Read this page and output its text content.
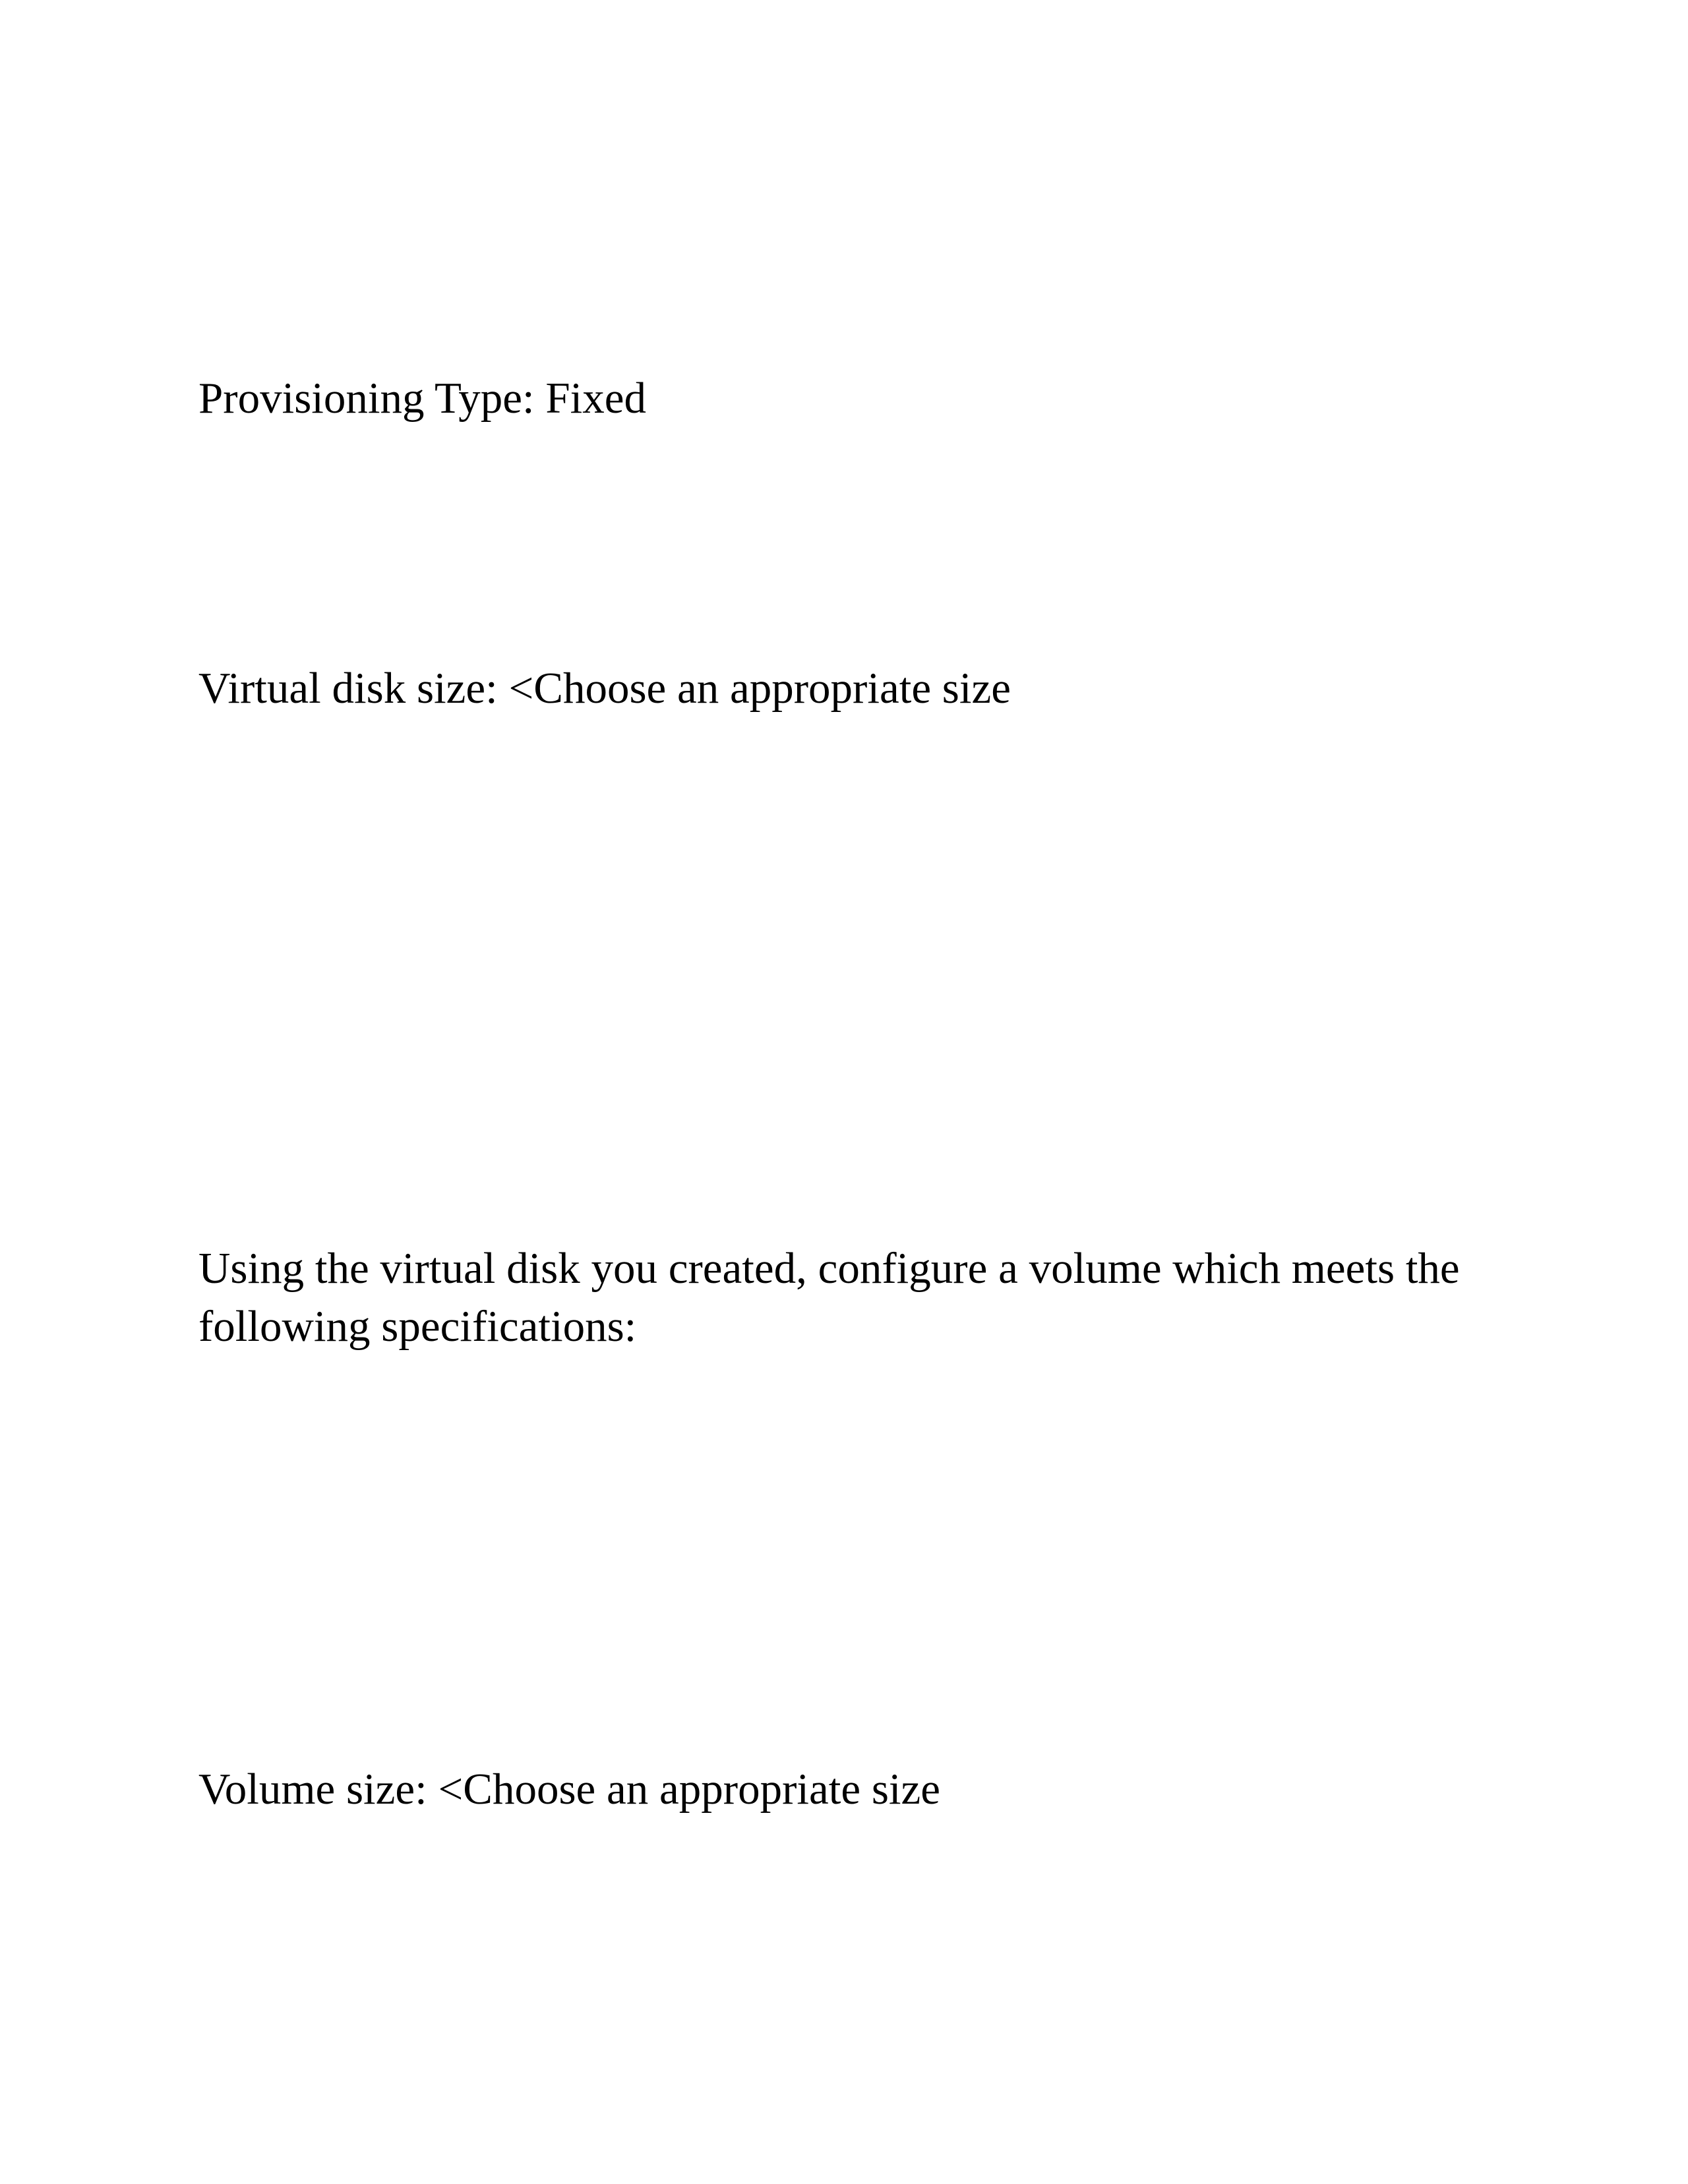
Provisioning Type: Fixed

Virtual disk size: <Choose an appropriate size

Using the virtual disk you created, configure a volume which meets the
following specifications:

Volume size: <Choose an appropriate size
